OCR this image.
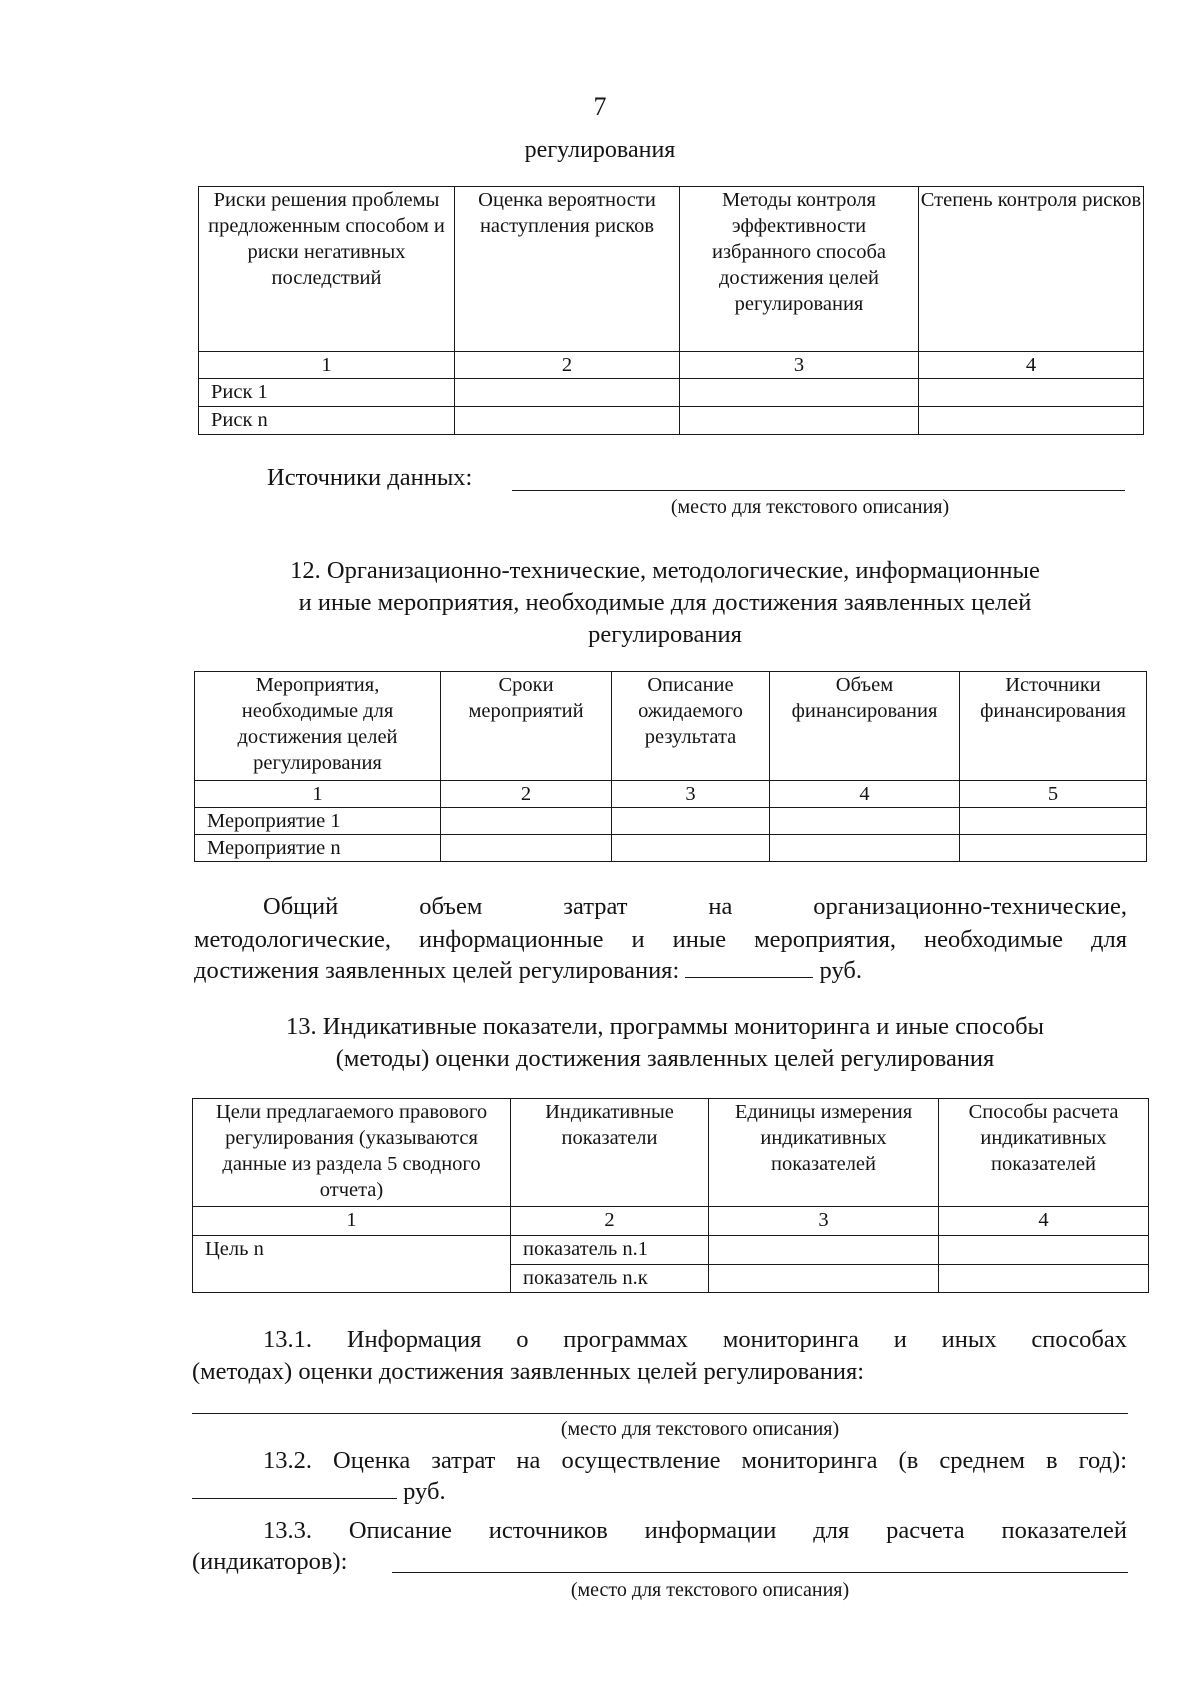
7
регулирования
Риски решения проблемы предложенным способом и риски негативных последствий	Оценка вероятности наступления рисков	Методы контроля эффективности избранного способа достижения целей регулирования	Степень контроля рисков
1	2	3	4
Риск 1			
Риск n			
Источники данных:
(место для текстового описания)
12. Организационно-технические, методологические, информационные
и иные мероприятия, необходимые для достижения заявленных целей
регулирования
Мероприятия, необходимые для достижения целей регулирования	Сроки мероприятий	Описание ожидаемого результата	Объем финансирования	Источники финансирования
1	2	3	4	5
Мероприятие 1				
Мероприятие n				
Общий объем затрат на организационно-технические,
методологические, информационные и иные мероприятия, необходимые для
достижения заявленных целей регулирования:	руб.
13. Индикативные показатели, программы мониторинга и иные способы
(методы) оценки достижения заявленных целей регулирования
Цели предлагаемого правового регулирования (указываются данные из раздела 5 сводного отчета)	Индикативные показатели	Единицы измерения индикативных показателей	Способы расчета индикативных показателей
1	2	3	4
Цель n	показатель n.1		
	показатель n.к		
13.1. Информация о программах мониторинга и иных способах
(методах) оценки достижения заявленных целей регулирования:
(место для текстового описания)
13.2. Оценка затрат на осуществление мониторинга (в среднем в год):
руб.
13.3. Описание источников информации для расчета показателей
(индикаторов):
(место для текстового описания)
